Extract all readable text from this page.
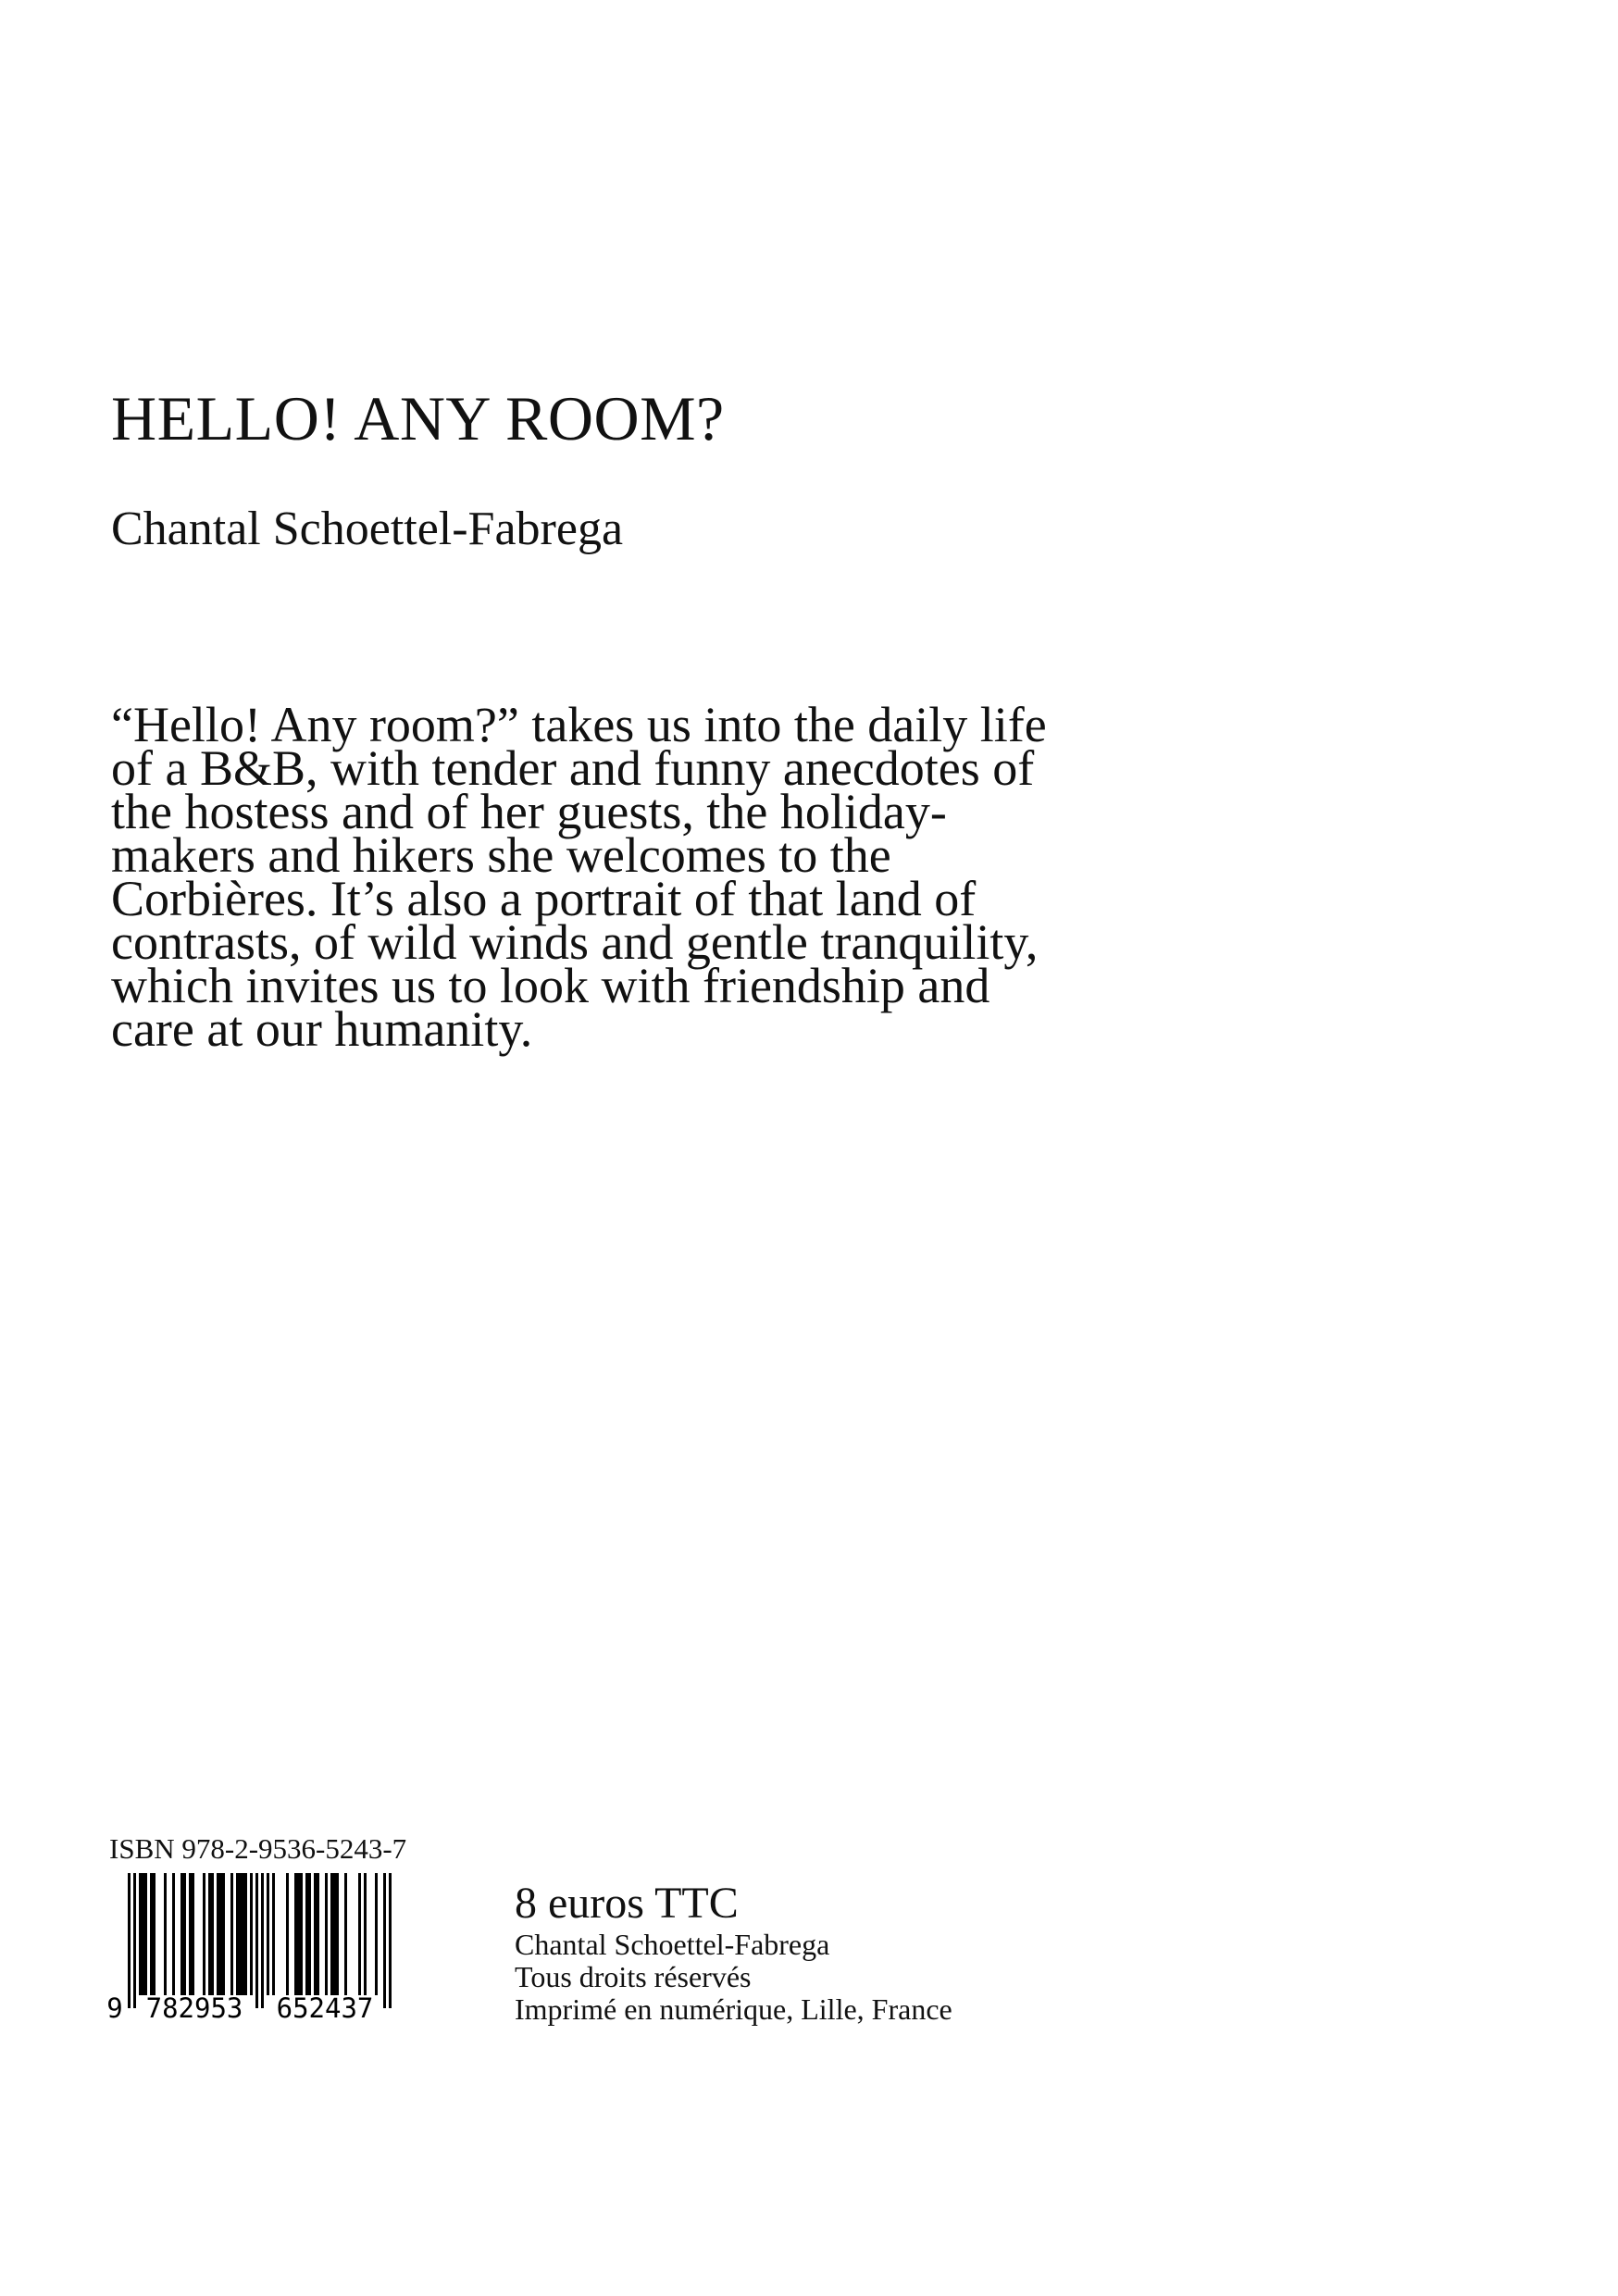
HELLO! ANY ROOM?
Chantal Schoettel-Fabrega
“Hello! Any room?” takes us into the daily life
of a B&B, with tender and funny anecdotes of
the hostess and of her guests, the holiday-
makers and hikers she welcomes to the
Corbières. It’s also a portrait of that land of
contrasts, of wild winds and gentle tranquility,
which invites us to look with friendship and
care at our humanity.
ISBN 978-2-9536-5243-7
9 782953 652437
8 euros TTC
Chantal Schoettel-Fabrega
Tous droits réservés
Imprimé en numérique, Lille, France
